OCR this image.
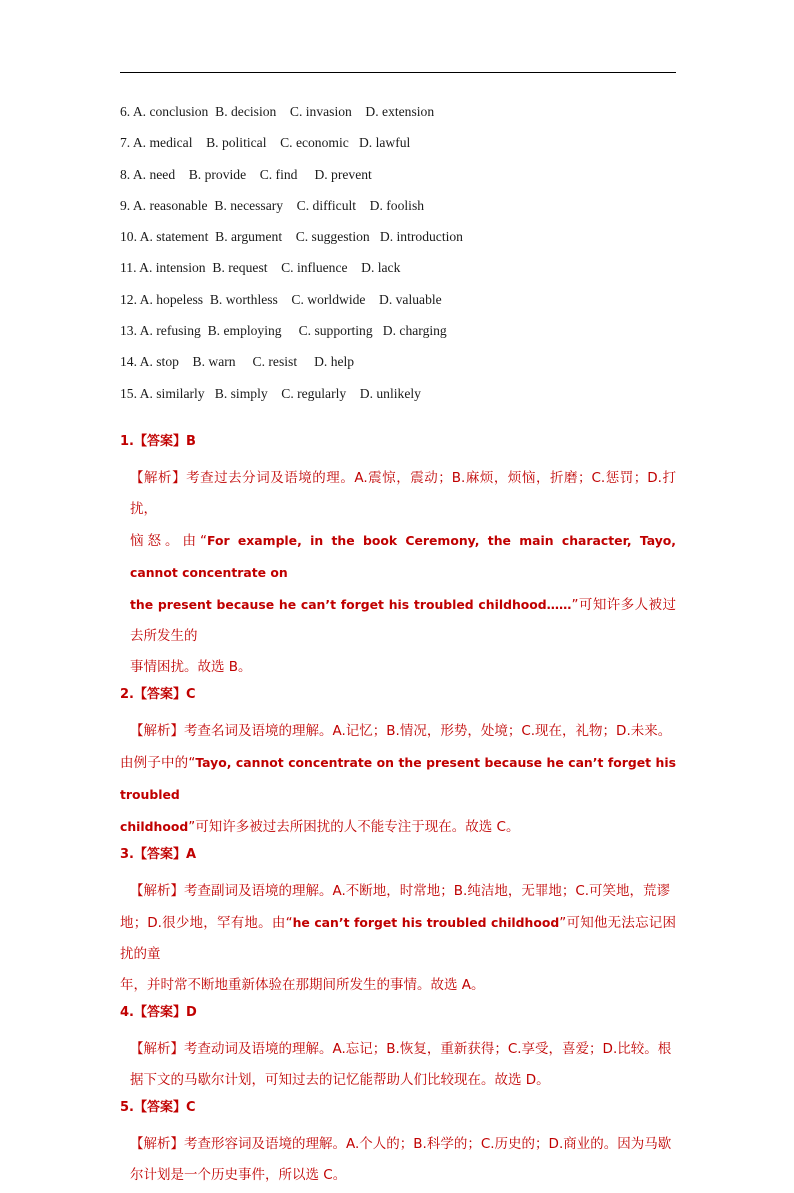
6. A. conclusion  B. decision    C. invasion    D. extension
7. A. medical    B. political    C. economic   D. lawful
8. A. need    B. provide    C. find     D. prevent
9. A. reasonable  B. necessary    C. difficult    D. foolish
10. A. statement  B. argument    C. suggestion   D. introduction
11. A. intension  B. request    C. influence    D. lack
12. A. hopeless  B. worthless    C. worldwide    D. valuable
13. A. refusing  B. employing     C. supporting   D. charging
14. A. stop    B. warn     C. resist     D. help
15. A. similarly   B. simply    C. regularly    D. unlikely
1.【答案】B
【解析】考查过去分词及语境的理。A.震惊，震动；B.麻烦，烦恼，折磨；C.惩罚；D.打扰，
恼怒。由“For example, in the book Ceremony, the main character, Tayo, cannot concentrate on
the present because he can’t forget his troubled childhood……”可知许多人被过去所发生的
事情困扰。故选 B。
2.【答案】C
【解析】考查名词及语境的理解。A.记忆；B.情况，形势，处境；C.现在，礼物；D.未来。
由例子中的“Tayo, cannot concentrate on the present because he can’t forget his troubled
childhood”可知许多被过去所困扰的人不能专注于现在。故选 C。
3.【答案】A
【解析】考查副词及语境的理解。A.不断地，时常地；B.纯洁地，无罪地；C.可笑地，荒谬
地；D.很少地，罕有地。由“he can’t forget his troubled childhood”可知他无法忘记困扰的童
年，并时常不断地重新体验在那期间所发生的事情。故选 A。
4.【答案】D
【解析】考查动词及语境的理解。A.忘记；B.恢复，重新获得；C.享受，喜爱；D.比较。根
据下文的马歇尔计划，可知过去的记忆能帮助人们比较现在。故选 D。
5.【答案】C
【解析】考查形容词及语境的理解。A.个人的；B.科学的；C.历史的；D.商业的。因为马歇
尔计划是一个历史事件，所以选 C。
